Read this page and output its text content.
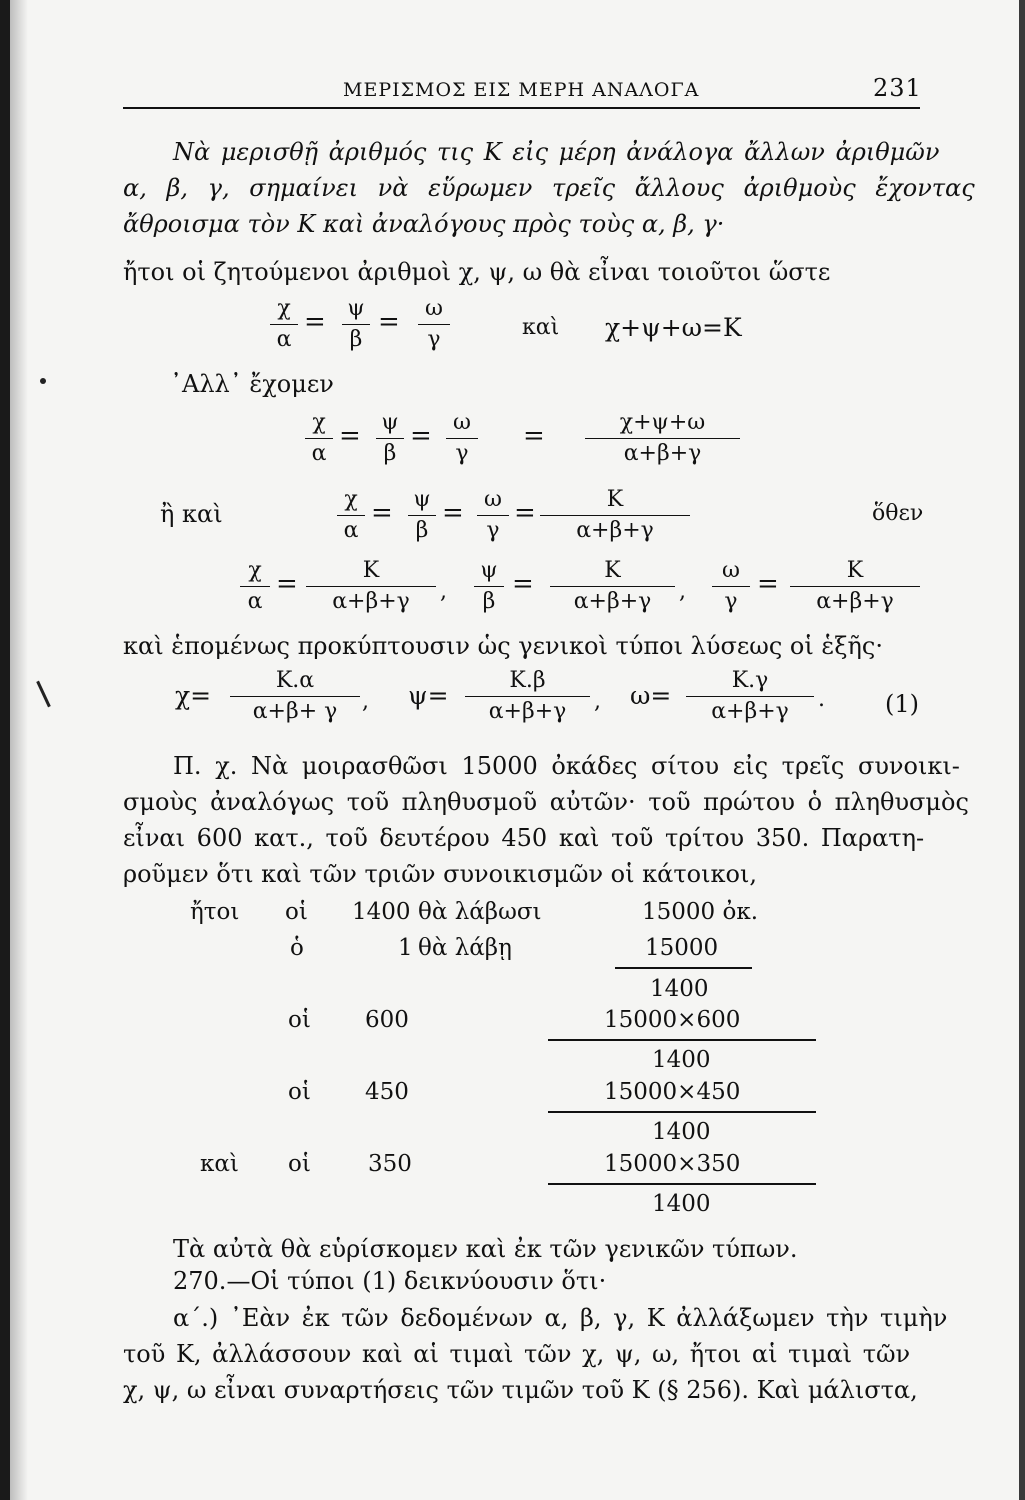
ΜΕΡΙΣΜΟΣ ΕΙΣ ΜΕΡΗ ΑΝΑΛΟΓΑ	231
Νὰ μερισθῇ ἀριθμός τις Κ εἰς μέρη ἀνάλογα ἄλλων ἀριθμῶν
α, β, γ, σημαίνει νὰ εὕρωμεν τρεῖς ἄλλους ἀριθμοὺς ἔχοντας
ἄθροισμα τὸν Κ καὶ ἀναλόγους πρὸς τοὺς α, β, γ·
ἤτοι οἱ ζητούμενοι ἀριθμοὶ χ, ψ, ω θὰ εἶναι τοιοῦτοι ὥστε
$\frac{\chi}{\alpha} = \frac{\psi}{\beta} = \frac{\omega}{\gamma}$	καὶ χ+ψ+ω=Κ
᾿Αλλ᾽ ἔχομεν
$\frac{\chi}{\alpha} = \frac{\psi}{\beta} = \frac{\omega}{\gamma} = \frac{\chi+\psi+\omega}{\alpha+\beta+\gamma}$
ἢ καὶ	$\frac{\chi}{\alpha} = \frac{\psi}{\beta} = \frac{\omega}{\gamma} = \frac{K}{\alpha+\beta+\gamma}$	ὅθεν
$\frac{\chi}{\alpha} = \frac{K}{\alpha+\beta+\gamma}$ , $\frac{\psi}{\beta} = \frac{K}{\alpha+\beta+\gamma}$ , $\frac{\omega}{\gamma} = \frac{K}{\alpha+\beta+\gamma}$
καὶ ἑπομένως προκύπτουσιν ὡς γενικοὶ τύποι λύσεως οἱ ἑξῆς·
$\chi= \frac{K.\alpha}{\alpha+\beta+ \gamma}$ , $\psi= \frac{K.\beta}{\alpha+\beta+\gamma}$ , $\omega= \frac{K.\gamma}{\alpha+\beta+\gamma}$ .	(1)
Π. χ. Νὰ μοιρασθῶσι 15000 ὀκάδες σίτου εἰς τρεῖς συνοικι-
σμοὺς ἀναλόγως τοῦ πληθυσμοῦ αὐτῶν· τοῦ πρώτου ὁ πληθυσμὸς
εἶναι 600 κατ., τοῦ δευτέρου 450 καὶ τοῦ τρίτου 350. Παρατη-
ροῦμεν ὅτι καὶ τῶν τριῶν συνοικισμῶν οἱ κάτοικοι,
ἤτοι οἱ 1400 θὰ λάβωσι	15000 ὀκ.
ὁ	1 θὰ λάβῃ	15000
1400
οἱ 600	15000×600
1400
οἱ 450	15000×450
1400
καὶ οἱ 350	15000×350
1400
Τὰ αὐτὰ θὰ εὑρίσκομεν καὶ ἐκ τῶν γενικῶν τύπων.
270.—Οἱ τύποι (1) δεικνύουσιν ὅτι·
α΄.) ᾿Εὰν ἐκ τῶν δεδομένων α, β, γ, Κ ἀλλάξωμεν τὴν τιμὴν
τοῦ Κ, ἀλλάσσουν καὶ αἱ τιμαὶ τῶν χ, ψ, ω, ἤτοι αἱ τιμαὶ τῶν
χ, ψ, ω εἶναι συναρτήσεις τῶν τιμῶν τοῦ Κ (§ 256). Καὶ μάλιστα,
